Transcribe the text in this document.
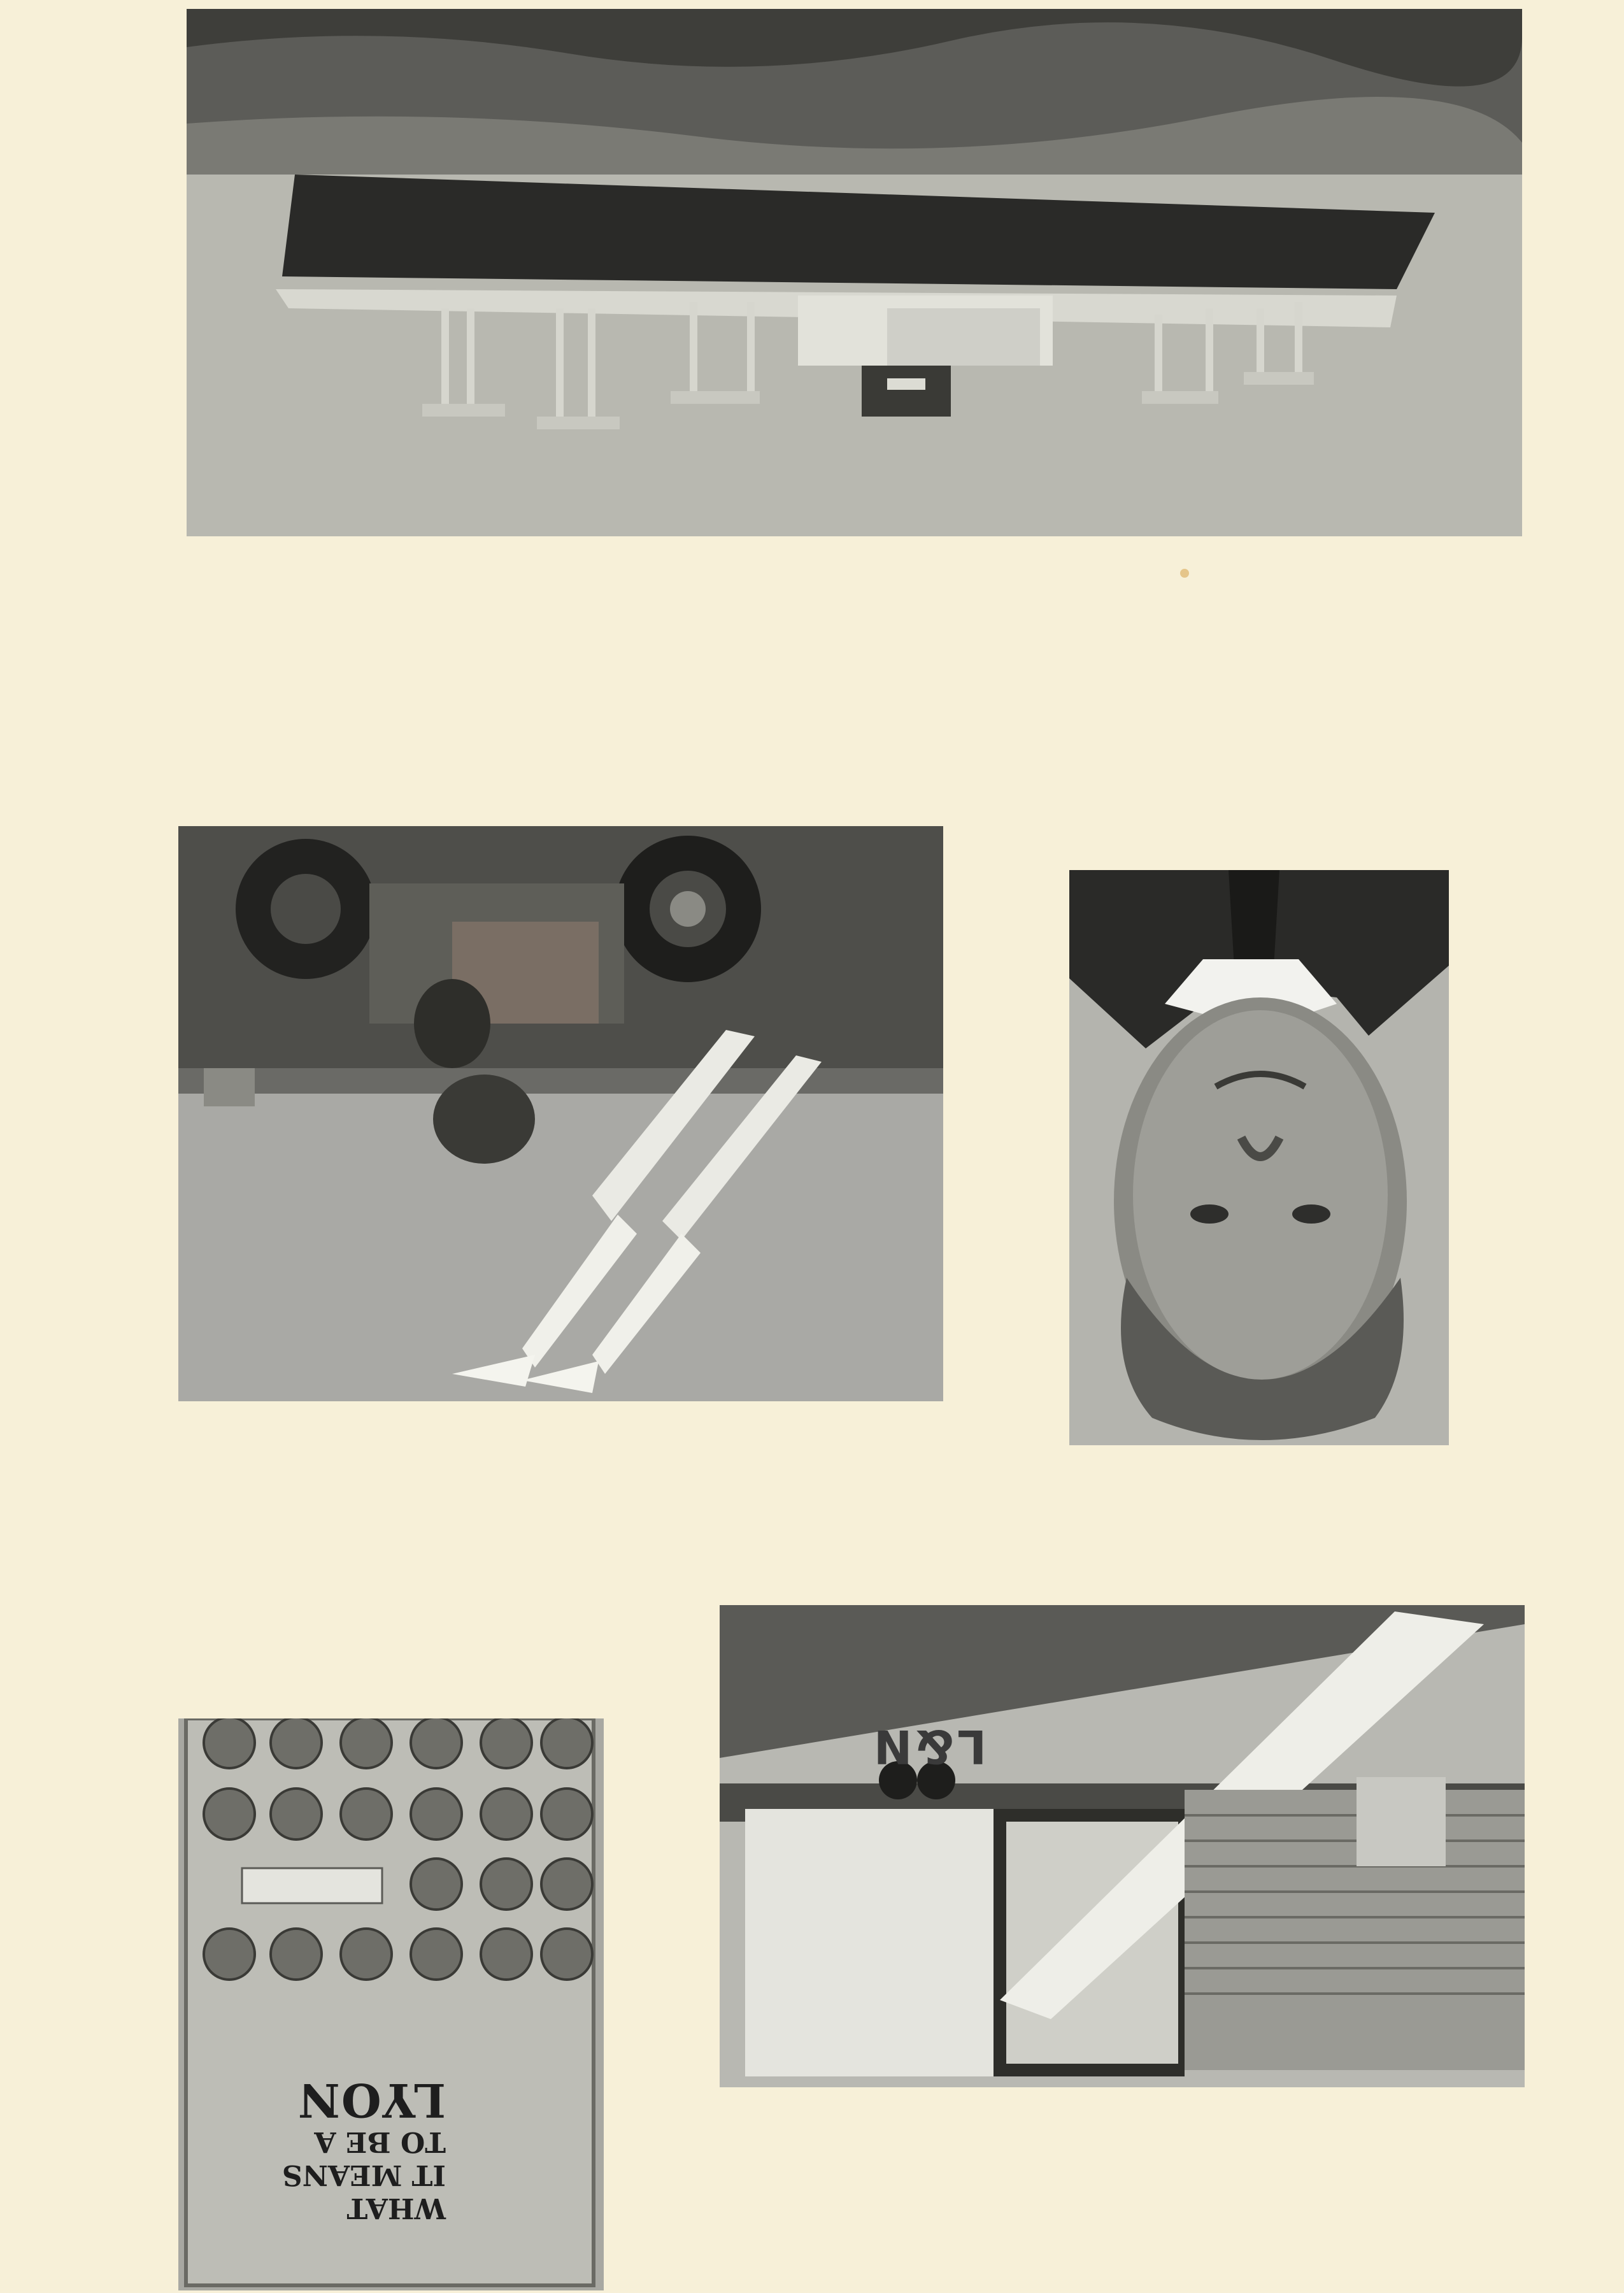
WHAT
IT MEANS
TO BE A
LYON
L&N
